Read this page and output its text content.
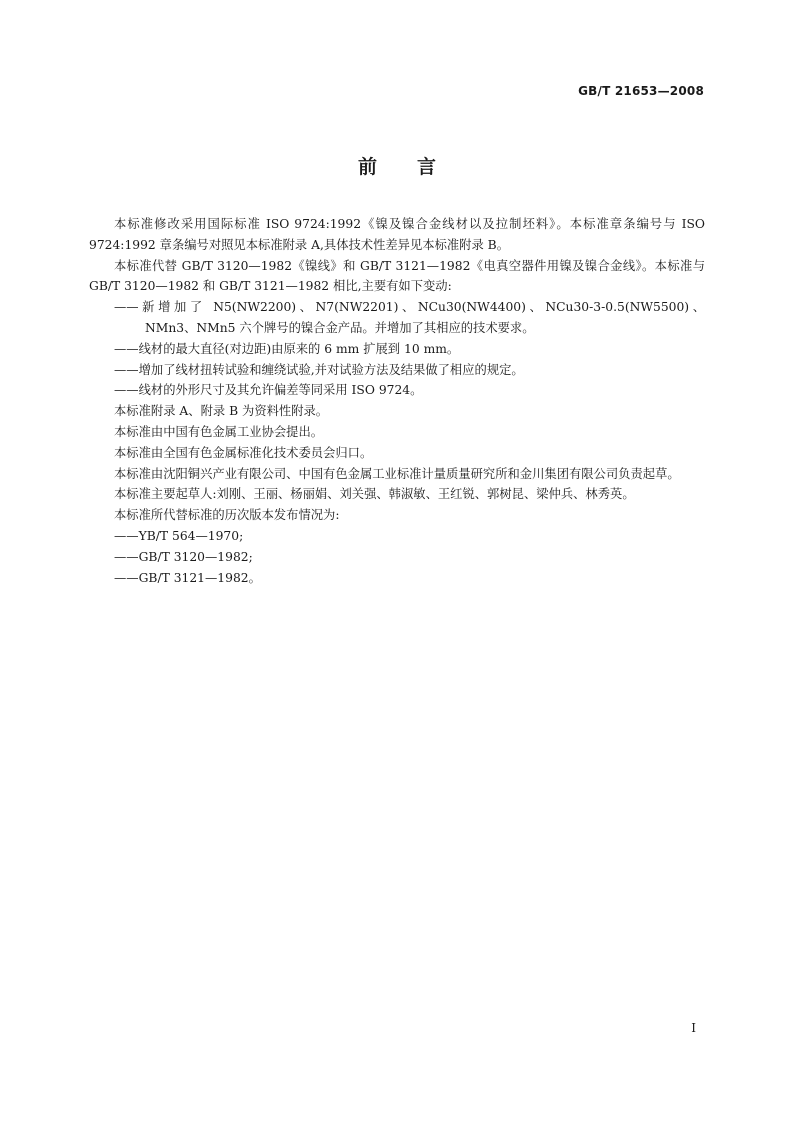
GB/T 21653—2008
前言

本标准修改采用国际标准 ISO 9724:1992《镍及镍合金线材以及拉制坯料》。本标准章条编号与 ISO 9724:1992 章条编号对照见本标准附录 A,具体技术性差异见本标准附录 B。

本标准代替 GB/T 3120—1982《镍线》和 GB/T 3121—1982《电真空器件用镍及镍合金线》。本标准与 GB/T 3120—1982 和 GB/T 3121—1982 相比,主要有如下变动:

——新增加了 N5(NW2200)、N7(NW2201)、NCu30(NW4400)、NCu30-3-0.5(NW5500)、NMn3、NMn5 六个牌号的镍合金产品。并增加了其相应的技术要求。

——线材的最大直径(对边距)由原来的 6 mm 扩展到 10 mm。

——增加了线材扭转试验和缠绕试验,并对试验方法及结果做了相应的规定。

——线材的外形尺寸及其允许偏差等同采用 ISO 9724。

本标准附录 A、附录 B 为资料性附录。

本标准由中国有色金属工业协会提出。

本标准由全国有色金属标准化技术委员会归口。

本标准由沈阳铜兴产业有限公司、中国有色金属工业标准计量质量研究所和金川集团有限公司负责起草。

本标准主要起草人:刘刚、王丽、杨丽娟、刘关强、韩淑敏、王红锐、郭树昆、梁仲兵、林秀英。

本标准所代替标准的历次版本发布情况为:

——YB/T 564—1970;

——GB/T 3120—1982;

——GB/T 3121—1982。

I
